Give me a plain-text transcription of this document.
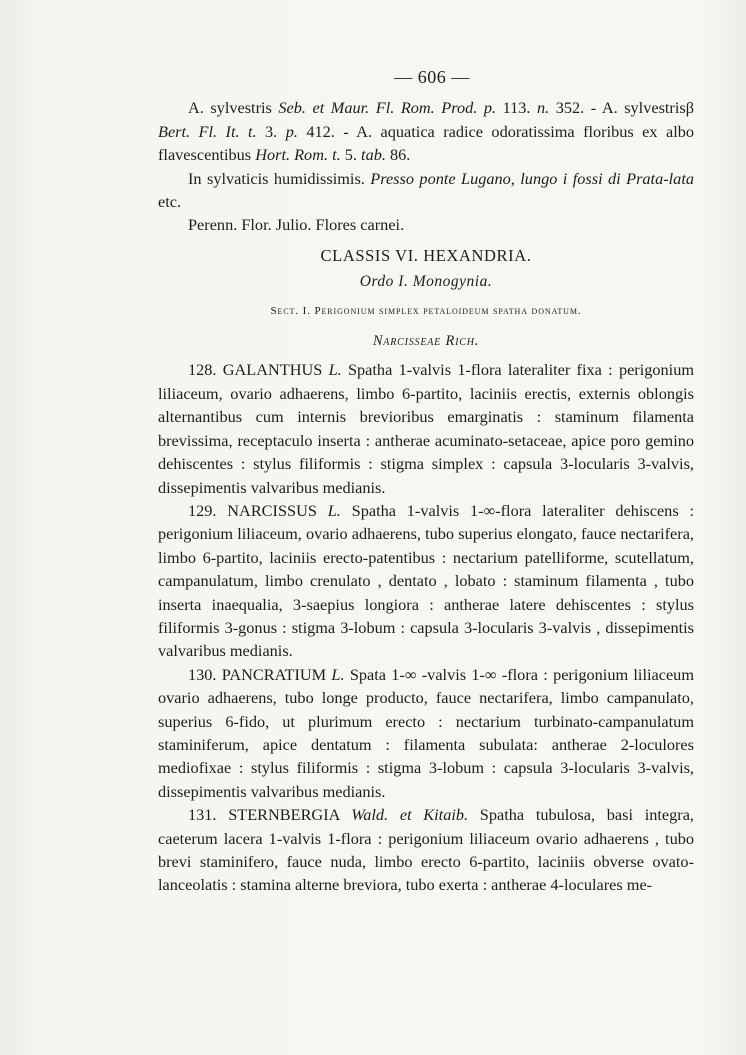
— 606 —

A. sylvestris Seb. et Maur. Fl. Rom. Prod. p. 113. n. 352. - A. sylvestrisβ Bert. Fl. It. t. 3. p. 412. - A. aquatica radice odoratissima floribus ex albo flavescentibus Hort. Rom. t. 5. tab. 86.

In sylvaticis humidissimis. Presso ponte Lugano, lungo i fossi di Prata-lata etc.

Perenn. Flor. Julio. Flores carnei.

CLASSIS VI. HEXANDRIA.
Ordo I. Monogynia.
Sect. I. Perigonium simplex petaloideum spatha donatum.
Narcisseae Rich.

128. GALANTHUS L. Spatha 1-valvis 1-flora lateraliter fixa : perigonium liliaceum, ovario adhaerens, limbo 6-partito, laciniis erectis, externis oblongis alternantibus cum internis brevioribus emarginatis : staminum filamenta brevissima, receptaculo inserta : antherae acuminato-setaceae, apice poro gemino dehiscentes : stylus filiformis : stigma simplex : capsula 3-locularis 3-valvis, dissepimentis valvaribus medianis.

129. NARCISSUS L. Spatha 1-valvis 1-∞-flora lateraliter dehiscens : perigonium liliaceum, ovario adhaerens, tubo superius elongato, fauce nectarifera, limbo 6-partito, laciniis erecto-patentibus : nectarium patelliforme, scutellatum, campanulatum, limbo crenulato , dentato , lobato : staminum filamenta , tubo inserta inaequalia, 3-saepius longiora : antherae latere dehiscentes : stylus filiformis 3-gonus : stigma 3-lobum : capsula 3-locularis 3-valvis , dissepimentis valvaribus medianis.

130. PANCRATIUM L. Spata 1-∞ -valvis 1-∞ -flora : perigonium liliaceum ovario adhaerens, tubo longe producto, fauce nectarifera, limbo campanulato, superius 6-fido, ut plurimum erecto : nectarium turbinato-campanulatum staminiferum, apice dentatum : filamenta subulata: antherae 2-loculores mediofixae : stylus filiformis : stigma 3-lobum : capsula 3-locularis 3-valvis, dissepimentis valvaribus medianis.

131. STERNBERGIA Wald. et Kitaib. Spatha tubulosa, basi integra, caeterum lacera 1-valvis 1-flora : perigonium liliaceum ovario adhaerens , tubo brevi staminifero, fauce nuda, limbo erecto 6-partito, laciniis obverse ovato-lanceolatis : stamina alterne breviora, tubo exerta : antherae 4-loculares me-
